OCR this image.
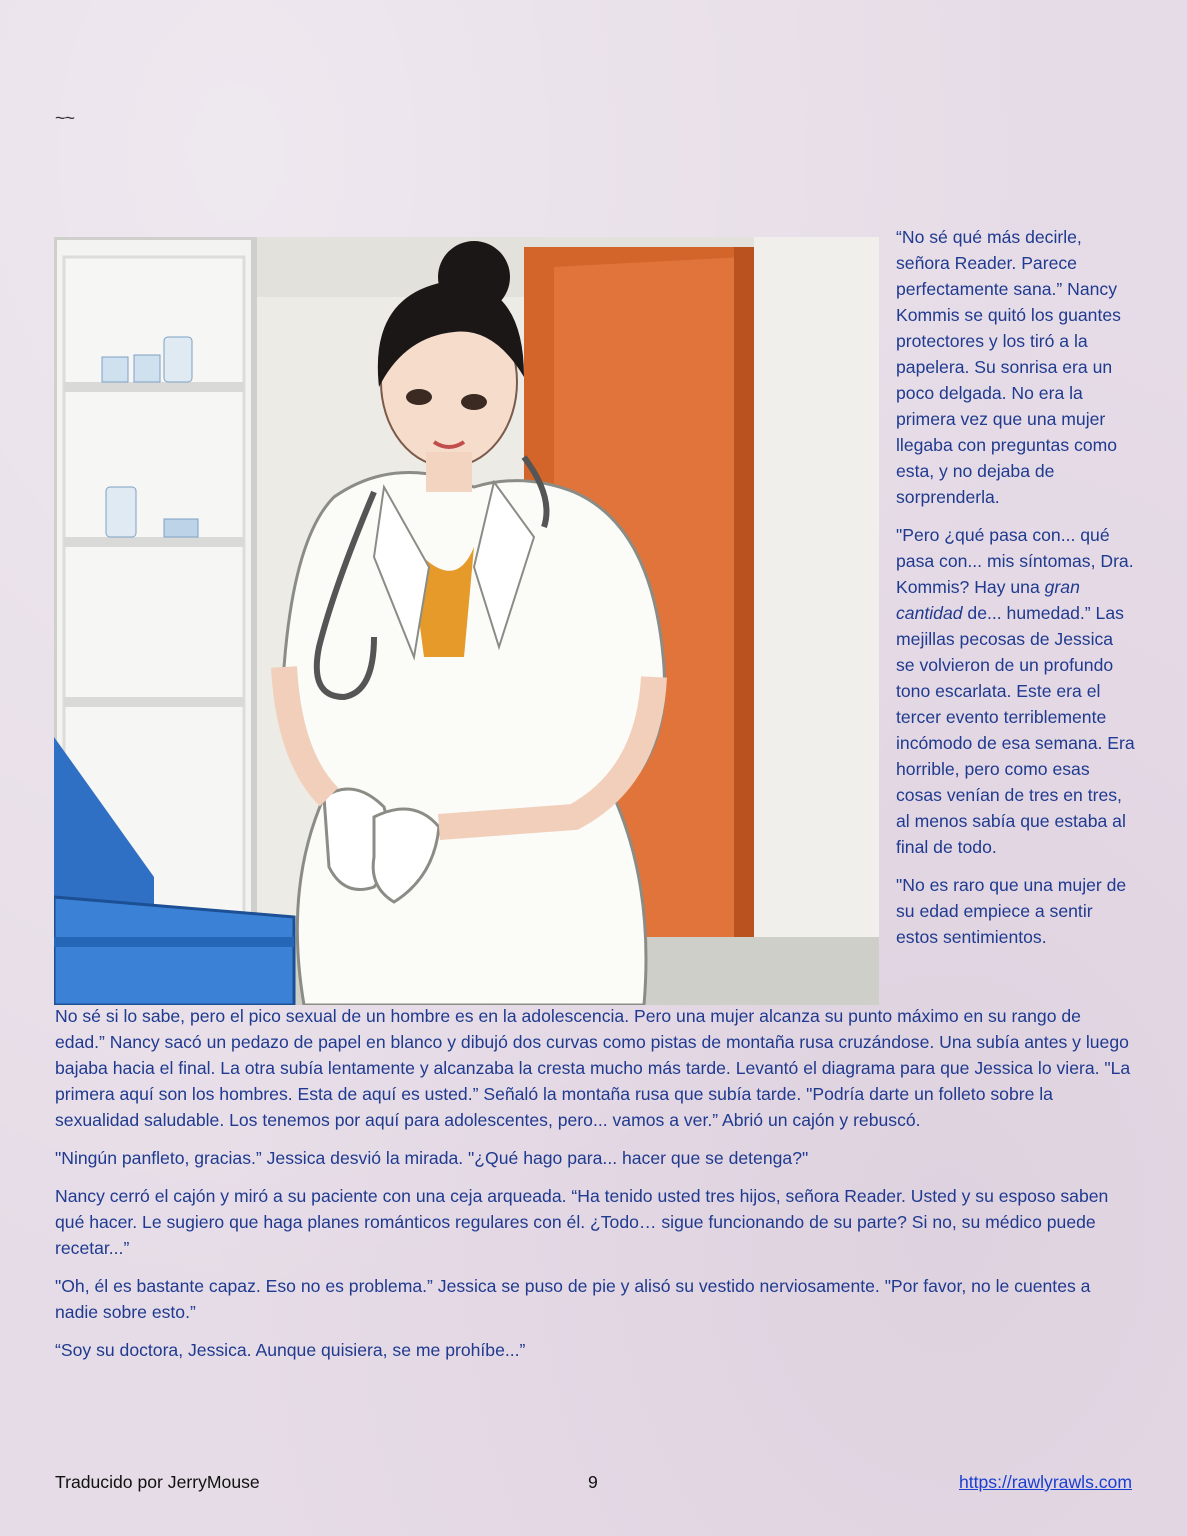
~~

“No sé qué más decirle, señora Reader. Parece perfectamente sana.” Nancy Kommis se quitó los guantes protectores y los tiró a la papelera. Su sonrisa era un poco delgada. No era la primera vez que una mujer llegaba con preguntas como esta, y no dejaba de sorprenderla.

"Pero ¿qué pasa con... qué pasa con... mis síntomas, Dra. Kommis? Hay una gran cantidad de... humedad.” Las mejillas pecosas de Jessica se volvieron de un profundo tono escarlata. Este era el tercer evento terriblemente incómodo de esa semana. Era horrible, pero como esas cosas venían de tres en tres, al menos sabía que estaba al final de todo.

"No es raro que una mujer de su edad empiece a sentir estos sentimientos.

No sé si lo sabe, pero el pico sexual de un hombre es en la adolescencia. Pero una mujer alcanza su punto máximo en su rango de edad.” Nancy sacó un pedazo de papel en blanco y dibujó dos curvas como pistas de montaña rusa cruzándose. Una subía antes y luego bajaba hacia el final. La otra subía lentamente y alcanzaba la cresta mucho más tarde. Levantó el diagrama para que Jessica lo viera. "La primera aquí son los hombres. Esta de aquí es usted.” Señaló la montaña rusa que subía tarde. "Podría darte un folleto sobre la sexualidad saludable. Los tenemos por aquí para adolescentes, pero... vamos a ver.” Abrió un cajón y rebuscó.

"Ningún panfleto, gracias.” Jessica desvió la mirada. "¿Qué hago para... hacer que se detenga?"

Nancy cerró el cajón y miró a su paciente con una ceja arqueada. “Ha tenido usted tres hijos, señora Reader. Usted y su esposo saben qué hacer. Le sugiero que haga planes románticos regulares con él. ¿Todo… sigue funcionando de su parte? Si no, su médico puede recetar...”

"Oh, él es bastante capaz. Eso no es problema.” Jessica se puso de pie y alisó su vestido nerviosamente. "Por favor, no le cuentes a nadie sobre esto.”

“Soy su doctora, Jessica. Aunque quisiera, se me prohíbe...”

Traducido por JerryMouse	9	https://rawlyrawls.com
